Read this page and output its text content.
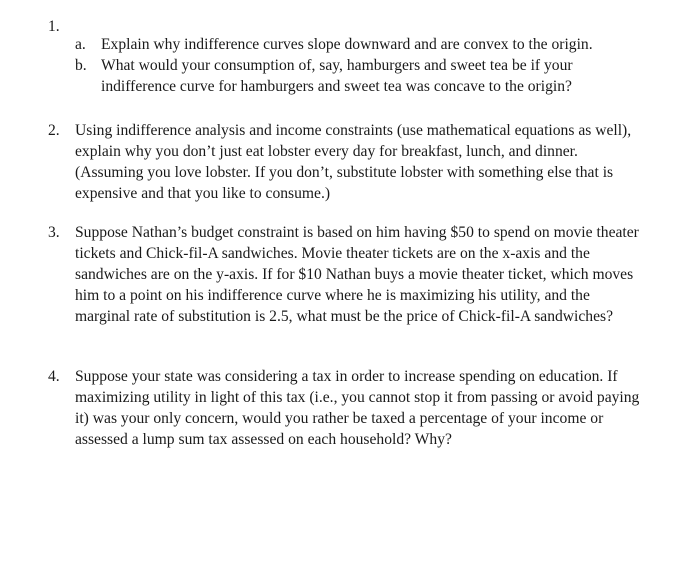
1.
a. Explain why indifference curves slope downward and are convex to the origin.
b. What would your consumption of, say, hamburgers and sweet tea be if your indifference curve for hamburgers and sweet tea was concave to the origin?
2. Using indifference analysis and income constraints (use mathematical equations as well), explain why you don’t just eat lobster every day for breakfast, lunch, and dinner. (Assuming you love lobster. If you don’t, substitute lobster with something else that is expensive and that you like to consume.)
3. Suppose Nathan’s budget constraint is based on him having $50 to spend on movie theater tickets and Chick-fil-A sandwiches. Movie theater tickets are on the x-axis and the sandwiches are on the y-axis. If for $10 Nathan buys a movie theater ticket, which moves him to a point on his indifference curve where he is maximizing his utility, and the marginal rate of substitution is 2.5, what must be the price of Chick-fil-A sandwiches?
4. Suppose your state was considering a tax in order to increase spending on education. If maximizing utility in light of this tax (i.e., you cannot stop it from passing or avoid paying it) was your only concern, would you rather be taxed a percentage of your income or assessed a lump sum tax assessed on each household? Why?
